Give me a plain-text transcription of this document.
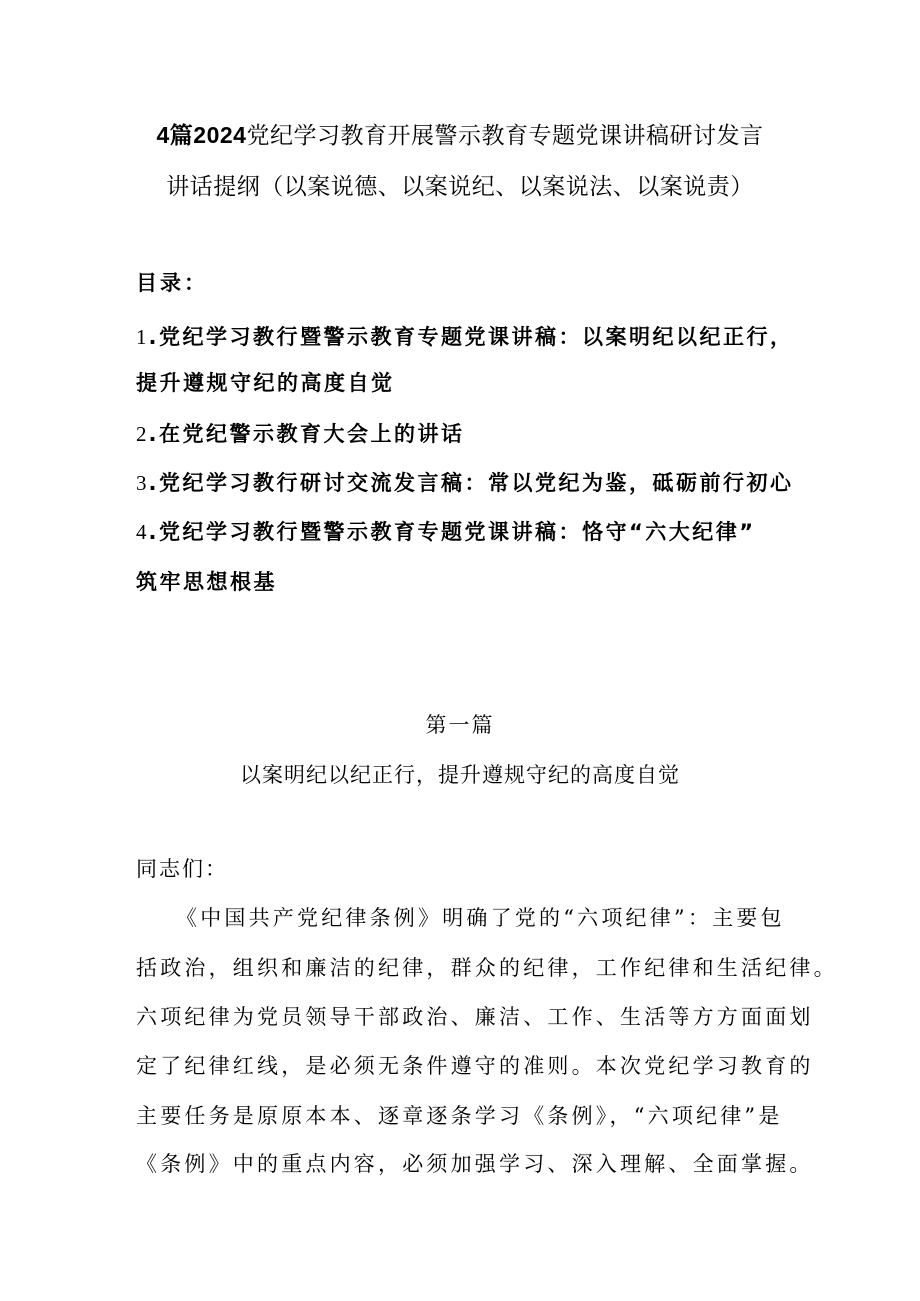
4篇2024党纪学习教育开展警示教育专题党课讲稿研讨发言
讲话提纲（以案说德、以案说纪、以案说法、以案说责）
目录：
1.党纪学习教行暨警示教育专题党课讲稿：以案明纪以纪正行，
提升遵规守纪的高度自觉
2.在党纪警示教育大会上的讲话
3.党纪学习教行研讨交流发言稿：常以党纪为鉴，砥砺前行初心
4.党纪学习教行暨警示教育专题党课讲稿：恪守“六大纪律”
筑牢思想根基
第一篇
以案明纪以纪正行，提升遵规守纪的高度自觉
同志们：
《中国共产党纪律条例》明确了党的“六项纪律”：主要包
括政治，组织和廉洁的纪律，群众的纪律，工作纪律和生活纪律。
六项纪律为党员领导干部政治、廉洁、工作、生活等方方面面划
定了纪律红线，是必须无条件遵守的准则。本次党纪学习教育的
主要任务是原原本本、逐章逐条学习《条例》，“六项纪律”是
《条例》中的重点内容，必须加强学习、深入理解、全面掌握。
